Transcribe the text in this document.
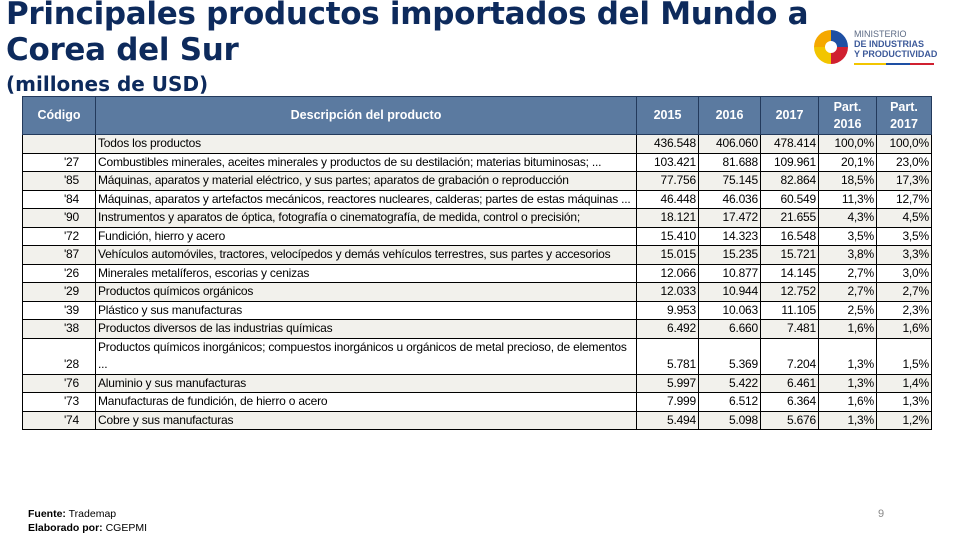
Principales productos importados del Mundo a
Corea del Sur
(millones de USD)
MINISTERIO
DE INDUSTRIAS
Y PRODUCTIVIDAD
Código	Descripción del producto	2015	2016	2017	Part. 2016	Part. 2017
	Todos los productos	436.548	406.060	478.414	100,0%	100,0%
'27	Combustibles minerales, aceites minerales y productos de su destilación; materias bituminosas; ...	103.421	81.688	109.961	20,1%	23,0%
'85	Máquinas, aparatos y material eléctrico, y sus partes; aparatos de grabación o reproducción	77.756	75.145	82.864	18,5%	17,3%
'84	Máquinas, aparatos y artefactos mecánicos, reactores nucleares, calderas; partes de estas máquinas ...	46.448	46.036	60.549	11,3%	12,7%
'90	Instrumentos y aparatos de óptica, fotografía o cinematografía, de medida, control o precisión;	18.121	17.472	21.655	4,3%	4,5%
'72	Fundición, hierro y acero	15.410	14.323	16.548	3,5%	3,5%
'87	Vehículos automóviles, tractores, velocípedos y demás vehículos terrestres, sus partes y accesorios	15.015	15.235	15.721	3,8%	3,3%
'26	Minerales metalíferos, escorias y cenizas	12.066	10.877	14.145	2,7%	3,0%
'29	Productos químicos orgánicos	12.033	10.944	12.752	2,7%	2,7%
'39	Plástico y sus manufacturas	9.953	10.063	11.105	2,5%	2,3%
'38	Productos diversos de las industrias químicas	6.492	6.660	7.481	1,6%	1,6%
'28	Productos químicos inorgánicos; compuestos inorgánicos u orgánicos de metal precioso, de elementos ...	5.781	5.369	7.204	1,3%	1,5%
'76	Aluminio y sus manufacturas	5.997	5.422	6.461	1,3%	1,4%
'73	Manufacturas de fundición, de hierro o acero	7.999	6.512	6.364	1,6%	1,3%
'74	Cobre y sus manufacturas	5.494	5.098	5.676	1,3%	1,2%
Fuente: Trademap
Elaborado por: CGEPMI
9
